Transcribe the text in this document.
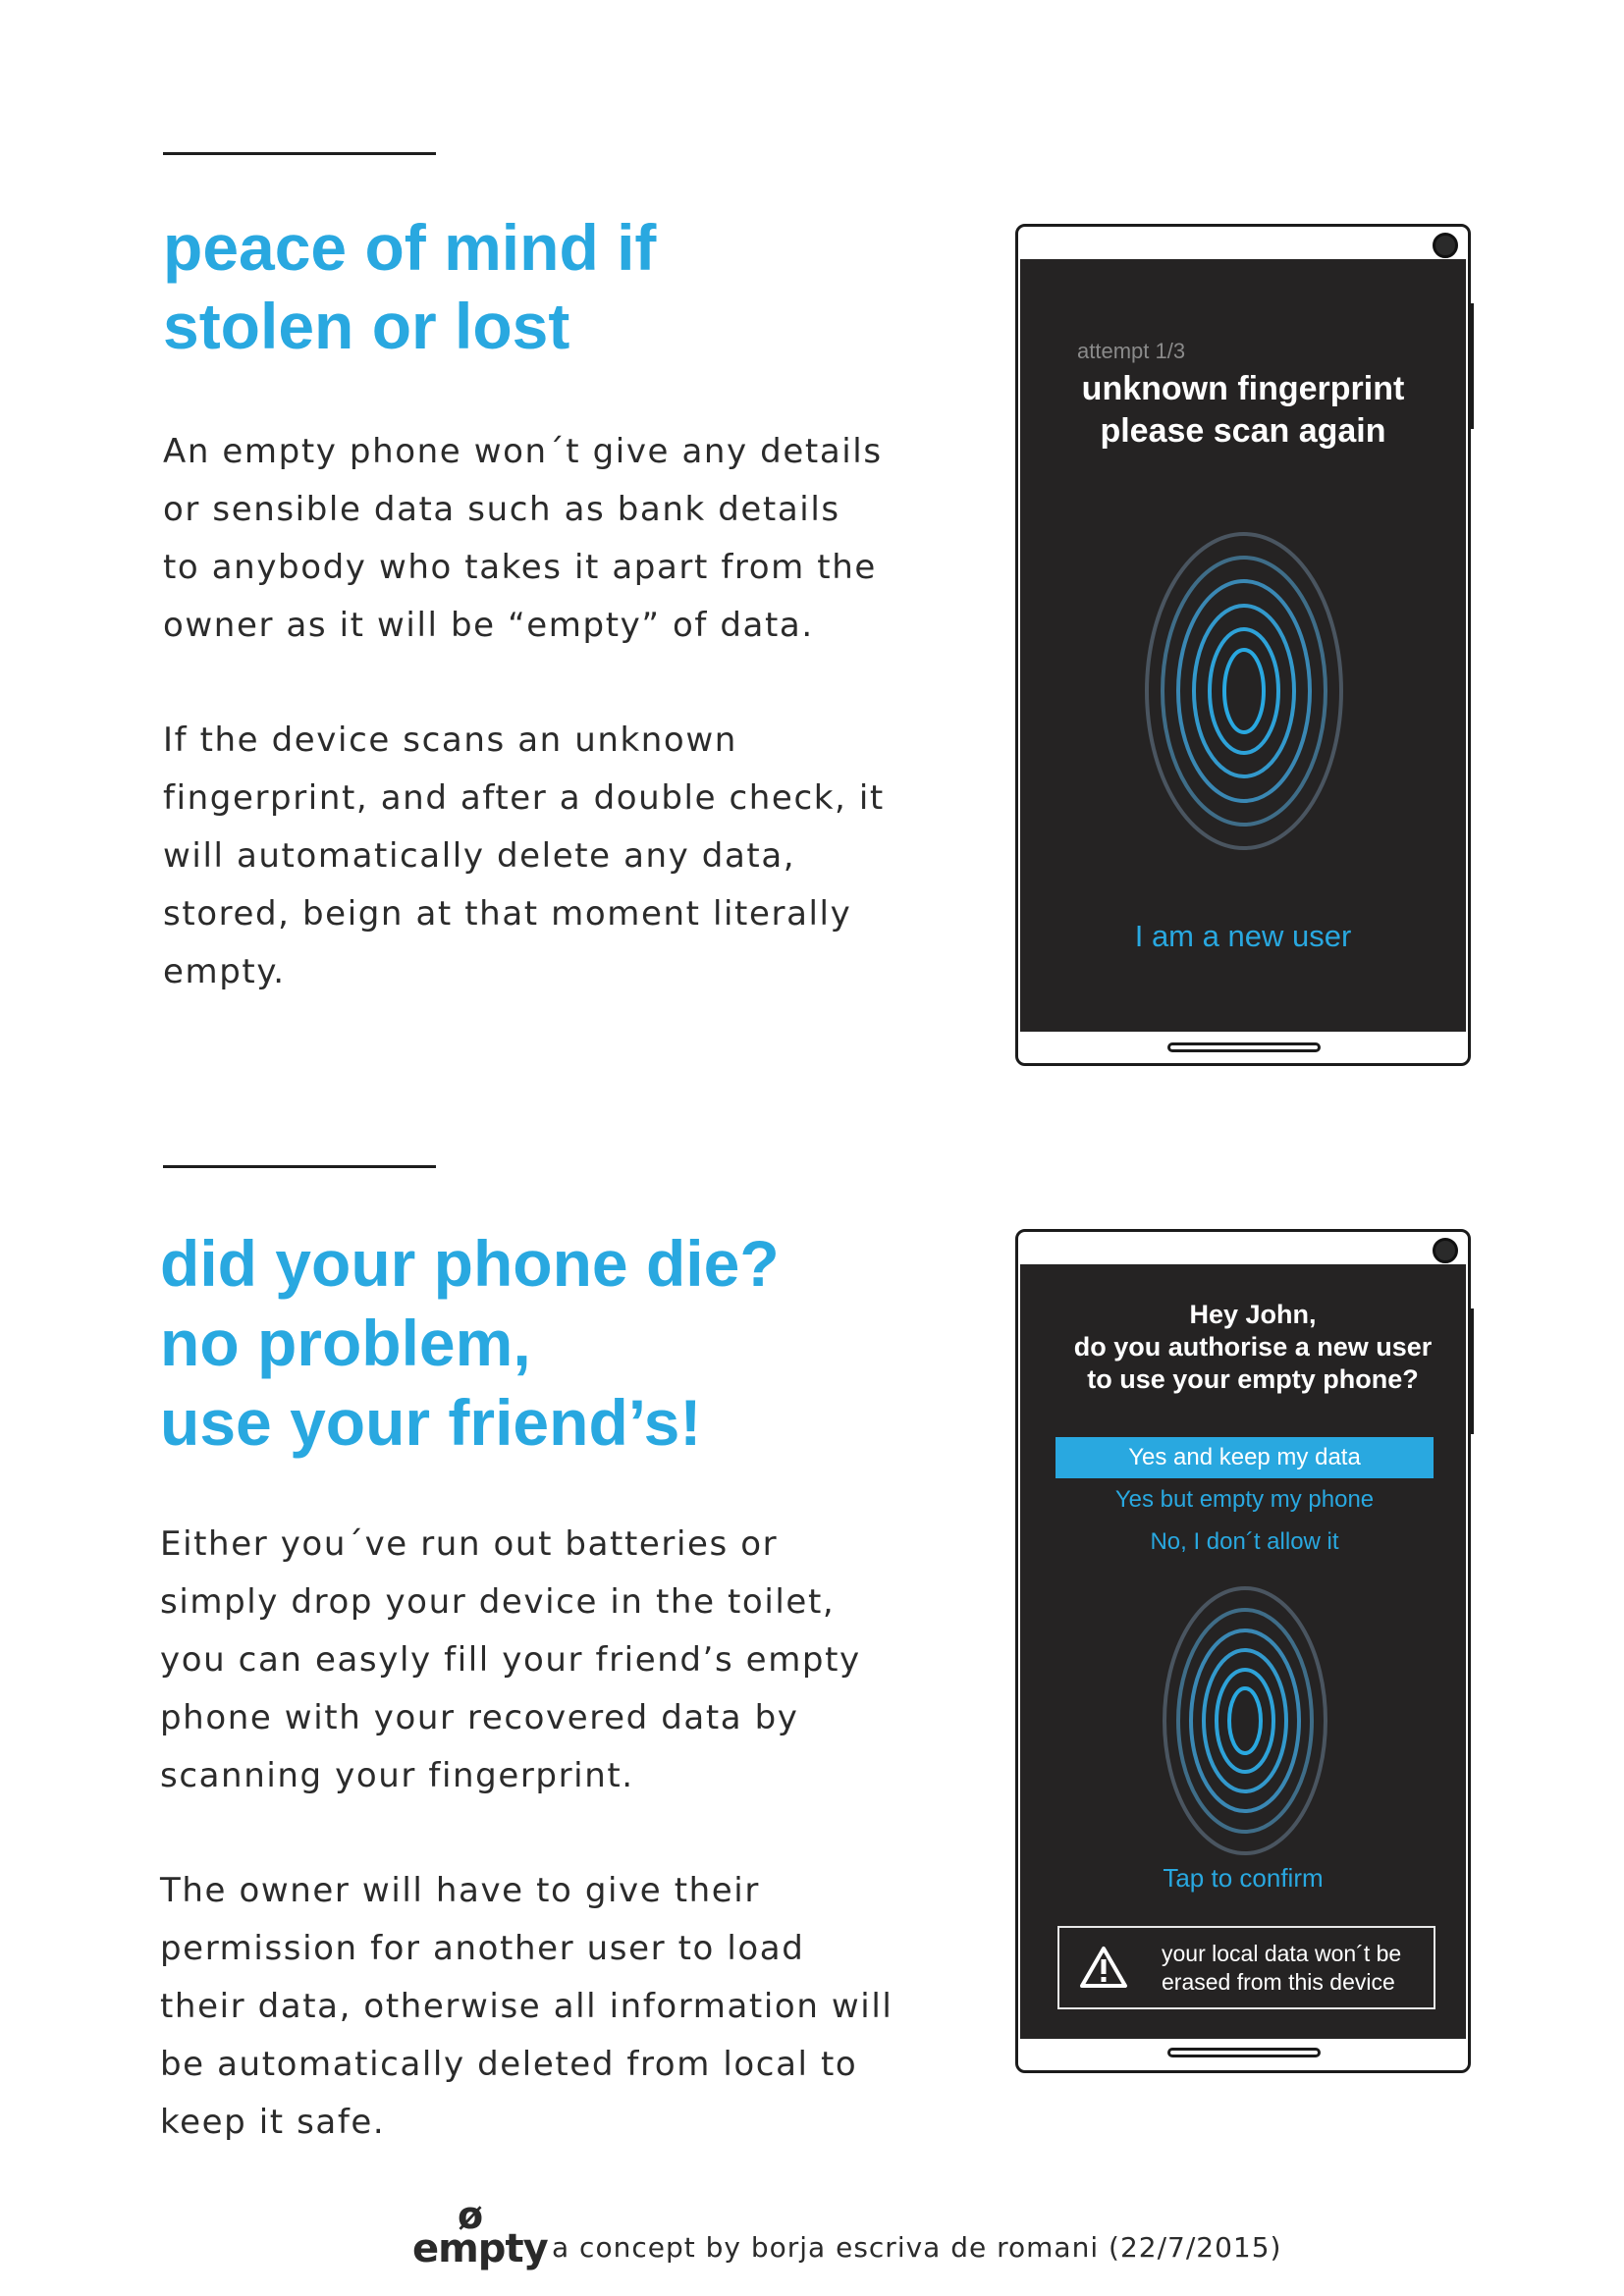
peace of mind if
stolen or lost
An empty phone won´t give any details
or sensible data such as bank details
to anybody who takes it apart from the
owner as it will be “empty” of data.
If the device scans an unknown
fingerprint, and after a double check, it
will automatically delete any data,
stored, beign at that moment literally
empty.
attempt 1/3
unknown fingerprint
please scan again
I am a new user
did your phone die?
no problem,
use your friend’s!
Either you´ve run out batteries or
simply drop your device in the toilet,
you can easyly fill your friend’s empty
phone with your recovered data by
scanning your fingerprint.
The owner will have to give their
permission for another user to load
their data, otherwise all information will
be automatically deleted from local to
keep it safe.
Hey John,
do you authorise a new user
to use your empty phone?
Yes and keep my data
Yes but empty my phone
No, I don´t allow it
Tap to confirm
your local data won´t be
erased from this device
ø
empty a concept by borja escriva de romani (22/7/2015)
